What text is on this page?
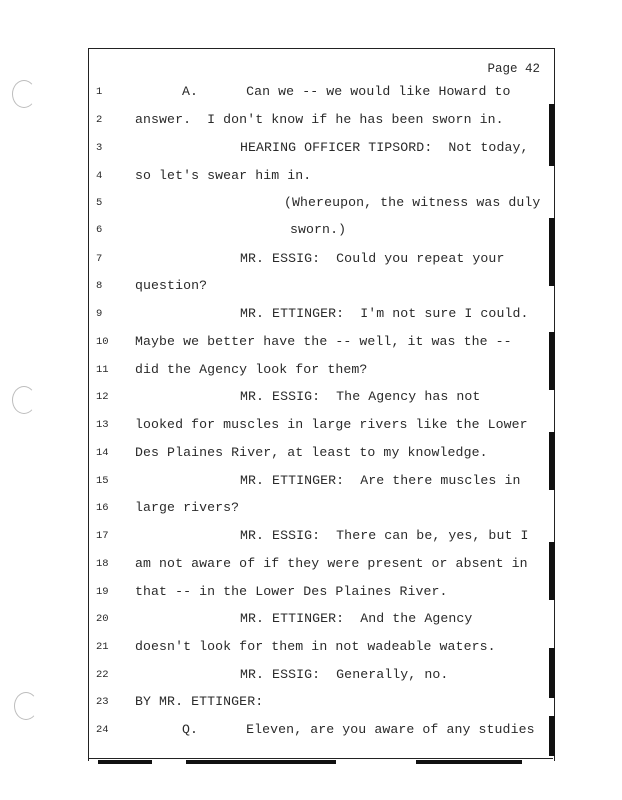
Page 42
1	A.      Can we -- we would like Howard to
2	answer.  I don't know if he has been sworn in.
3	HEARING OFFICER TIPSORD:  Not today,
4	so let's swear him in.
5	(Whereupon, the witness was duly
6	sworn.)
7	MR. ESSIG:  Could you repeat your
8	question?
9	MR. ETTINGER:  I'm not sure I could.
10	Maybe we better have the -- well, it was the --
11	did the Agency look for them?
12	MR. ESSIG:  The Agency has not
13	looked for muscles in large rivers like the Lower
14	Des Plaines River, at least to my knowledge.
15	MR. ETTINGER:  Are there muscles in
16	large rivers?
17	MR. ESSIG:  There can be, yes, but I
18	am not aware of if they were present or absent in
19	that -- in the Lower Des Plaines River.
20	MR. ETTINGER:  And the Agency
21	doesn't look for them in not wadeable waters.
22	MR. ESSIG:  Generally, no.
23	BY MR. ETTINGER:
24	Q.      Eleven, are you aware of any studies
